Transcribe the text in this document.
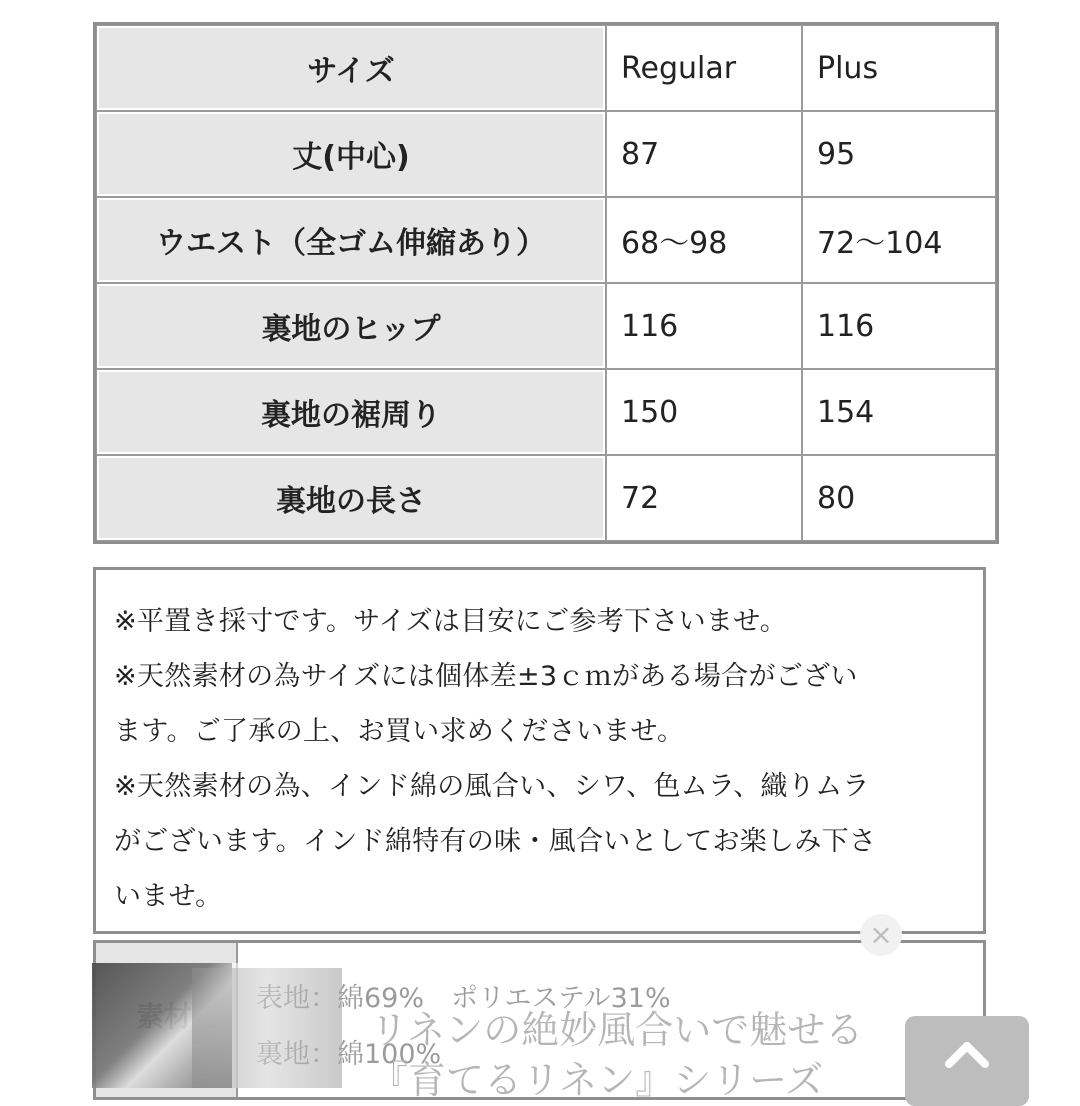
サイズ	Regular	Plus
丈(中心)	87	95
ウエスト（全ゴム伸縮あり）	68〜98	72〜104
裏地のヒップ	116	116
裏地の裾周り	150	154
裏地の長さ	72	80

※平置き採寸です。サイズは目安にご参考下さいませ。

※天然素材の為サイズには個体差±3ｃｍがある場合がござい

ます。ご了承の上、お買い求めくださいませ。

※天然素材の為、インド綿の風合い、シワ、色ムラ、織りムラ

がございます。インド綿特有の味・風合いとしてお楽しみ下さ

いませ。

リネンの絶妙風合いで魅せる

『育てるリネン』シリーズ

×
